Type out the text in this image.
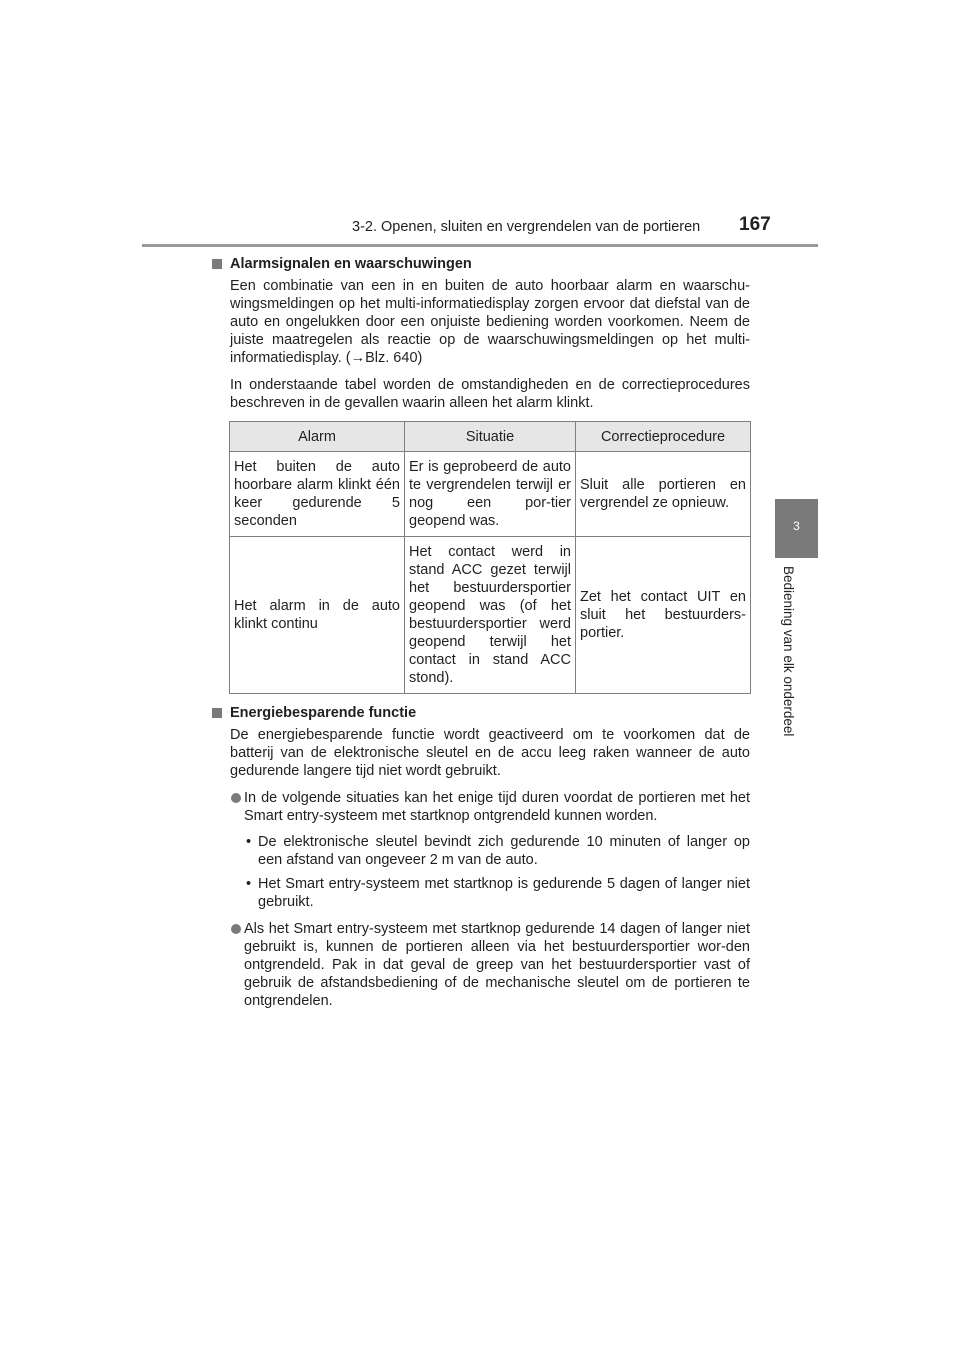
3-2. Openen, sluiten en vergrendelen van de portieren 167
3
Bediening van elk onderdeel
Alarmsignalen en waarschuwingen
Een combinatie van een in en buiten de auto hoorbaar alarm en waarschu-wingsmeldingen op het multi-informatiedisplay zorgen ervoor dat diefstal van de auto en ongelukken door een onjuiste bediening worden voorkomen. Neem de juiste maatregelen als reactie op de waarschuwingsmeldingen op het multi-informatiedisplay. (→Blz. 640)
In onderstaande tabel worden de omstandigheden en de correctieprocedures beschreven in de gevallen waarin alleen het alarm klinkt.
Alarm	Situatie	Correctieprocedure
Het buiten de auto hoorbare alarm klinkt één keer gedurende 5 seconden	Er is geprobeerd de auto te vergrendelen terwijl er nog een por-tier geopend was.	Sluit alle portieren en vergrendel ze opnieuw.
Het alarm in de auto klinkt continu	Het contact werd in stand ACC gezet terwijl het bestuurdersportier geopend was (of het bestuurdersportier werd geopend terwijl het contact in stand ACC stond).	Zet het contact UIT en sluit het bestuurders-portier.
Energiebesparende functie
De energiebesparende functie wordt geactiveerd om te voorkomen dat de batterij van de elektronische sleutel en de accu leeg raken wanneer de auto gedurende langere tijd niet wordt gebruikt.
In de volgende situaties kan het enige tijd duren voordat de portieren met het Smart entry-systeem met startknop ontgrendeld kunnen worden.
• De elektronische sleutel bevindt zich gedurende 10 minuten of langer op een afstand van ongeveer 2 m van de auto.
• Het Smart entry-systeem met startknop is gedurende 5 dagen of langer niet gebruikt.
Als het Smart entry-systeem met startknop gedurende 14 dagen of langer niet gebruikt is, kunnen de portieren alleen via het bestuurdersportier wor-den ontgrendeld. Pak in dat geval de greep van het bestuurdersportier vast of gebruik de afstandsbediening of de mechanische sleutel om de portieren te ontgrendelen.
